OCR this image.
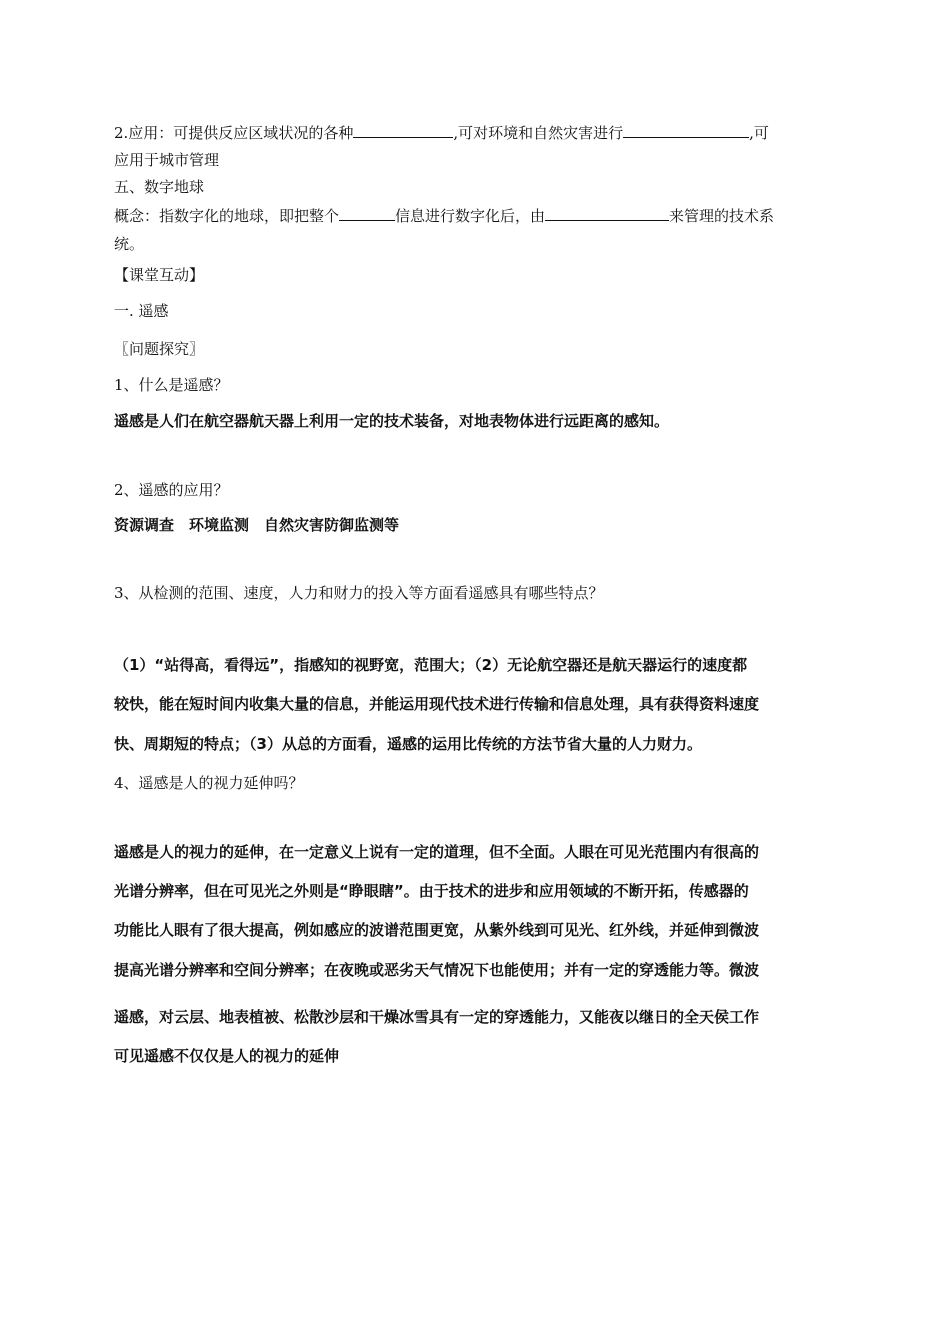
2.应用：可提供反应区域状况的各种	,可对环境和自然灾害进行	,可
应用于城市管理
五、数字地球
概念：指数字化的地球，即把整个	信息进行数字化后，由	来管理的技术系
统。
【课堂互动】
一. 遥感
〖问题探究〗
1、什么是遥感？
遥感是人们在航空器航天器上利用一定的技术装备，对地表物体进行远距离的感知。
2、遥感的应用？
资源调查　环境监测　自然灾害防御监测等
3、从检测的范围、速度，人力和财力的投入等方面看遥感具有哪些特点？
（1）“站得高，看得远”，指感知的视野宽，范围大；（2）无论航空器还是航天器运行的速度都
较快，能在短时间内收集大量的信息，并能运用现代技术进行传输和信息处理，具有获得资料速度
快、周期短的特点；（3）从总的方面看，遥感的运用比传统的方法节省大量的人力财力。
4、遥感是人的视力延伸吗？
遥感是人的视力的延伸，在一定意义上说有一定的道理，但不全面。人眼在可见光范围内有很高的
光谱分辨率，但在可见光之外则是“睁眼瞎”。由于技术的进步和应用领域的不断开拓，传感器的
功能比人眼有了很大提高，例如感应的波谱范围更宽，从紫外线到可见光、红外线，并延伸到微波
提高光谱分辨率和空间分辨率；在夜晚或恶劣天气情况下也能使用；并有一定的穿透能力等。微波
遥感，对云层、地表植被、松散沙层和干燥冰雪具有一定的穿透能力，又能夜以继日的全天侯工作
可见遥感不仅仅是人的视力的延伸
